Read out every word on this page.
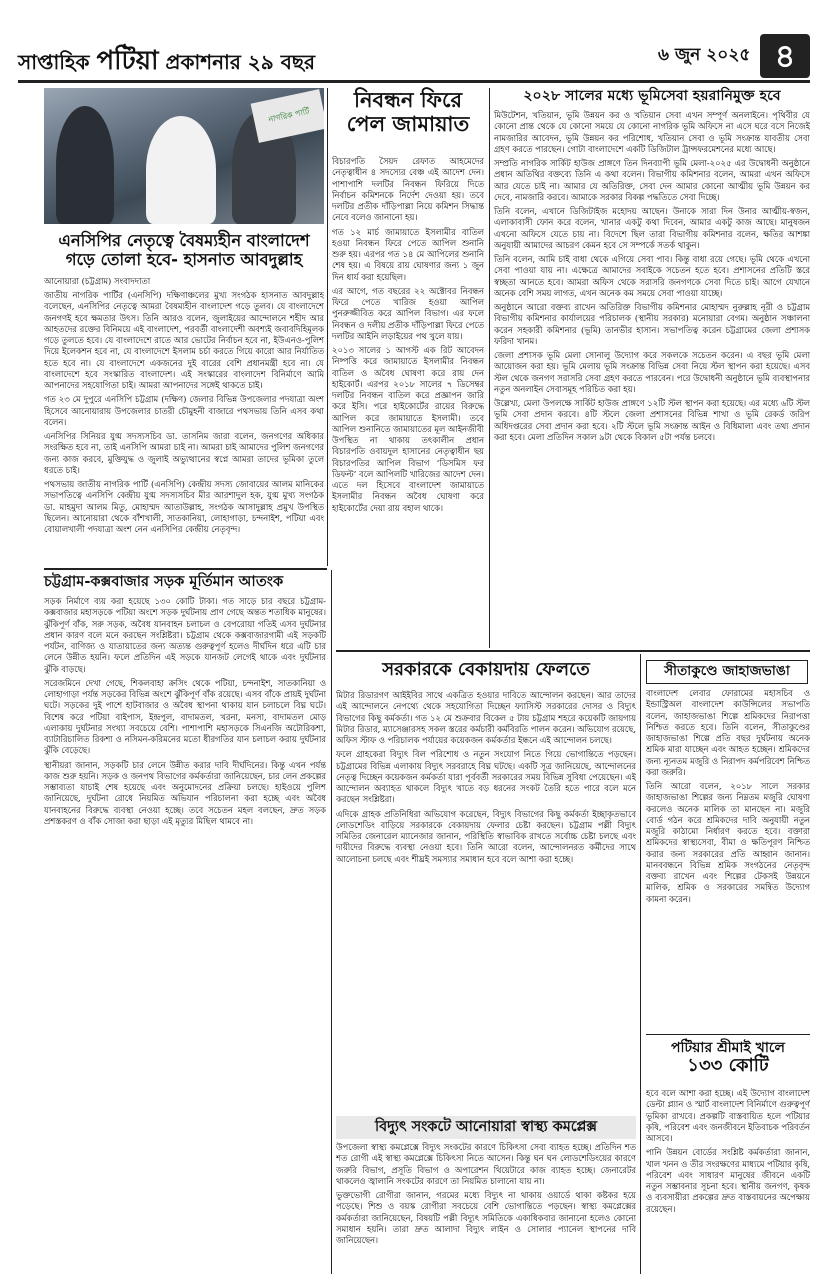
সাপ্তাহিক পটিয়া প্রকাশনার ২৯ বছর	৬ জুন ২০২৫ ৪
নাগরিক পার্টি
এনসিপির নেতৃত্বে বৈষম্যহীন বাংলাদেশ
গড়ে তোলা হবে- হাসনাত আবদুল্লাহ
আনোয়ারা (চট্টগ্রাম) সংবাদদাতা

জাতীয় নাগরিক পার্টির (এনসিপি) দক্ষিণাঞ্চলের মুখ্য সংগঠক হাসনাত আবদুল্লাহ বলেছেন, এনসিপির নেতৃত্বে আমরা বৈষম্যহীন বাংলাদেশ গড়ে তুলব। যে বাংলাদেশে জনগণই হবে ক্ষমতার উৎস। তিনি আরও বলেন, জুলাইয়ের আন্দোলনে শহীদ আর আহতদের রক্তের বিনিময়ে এই বাংলাদেশ, পরবর্তী বাংলাদেশী অবশ্যই জবাবদিহিমূলক গড়ে তুলতে হবে। যে বাংলাদেশে রাতে আর ভোটের নির্বাচন হবে না, ইউএনও-পুলিশ দিয়ে ইলেকশন হবে না, যে বাংলাদেশে ইসলাম চর্চা করতে গিয়ে কারো আর নির্যাতিত হতে হবে না। যে বাংলাদেশে একজনের দুই বারের বেশি প্রধানমন্ত্রী হবে না। যে বাংলাদেশে হবে সংস্কারিত বাংলাদেশ। এই সংস্কারের বাংলাদেশ বিনির্মাণে আমি আপনাদের সহযোগিতা চাই। আমরা আপনাদের সঙ্গেই থাকতে চাই।

গত ২৩ মে দুপুরে এনসিপি চট্টগ্রাম (দক্ষিণ) জেলার বিভিন্ন উপজেলার পদযাত্রা অংশ হিসেবে আনোয়ারায় উপজেলার চাতরী চৌমুহনী বাজারে পথসভায় তিনি এসব কথা বলেন।

এনসিপির সিনিয়র যুগ্ম সদস্যসচিব ডা. তাসনিম জারা বলেন, জনগণের অধিকার সংরক্ষিত হবে না, তাই এনসিপি আমরা চাই না। আমরা চাই আমাদের পুলিশ জনগণের জন্য কাজ করবে, মুক্তিযুদ্ধ ও জুলাই অভ্যুত্থানের স্বপ্নে আমরা তাদের ভূমিকা তুলে ধরতে চাই।

পথসভায় জাতীয় নাগরিক পার্টি (এনসিপি) কেন্দ্রীয় সদস্য জোবায়ের আলম মানিকের সভাপতিত্বে এনসিপি কেন্দ্রীয় যুগ্ম সদস্যসচিব মীর আরশাদুল হক, যুগ্ম মুখ্য সংগঠক ডা. মাহমুদা আলম মিতু, মোহাম্মদ আতাউল্লাহ, সংগঠক আসাদুল্লাহ প্রমুখ উপস্থিত ছিলেন। আনোয়ারা থেকে বাঁশখালী, সাতকানিয়া, লোহাগাড়া, চন্দনাইশ, পটিয়া এবং বোয়ালখালী পদযাত্রা অংশ নেন এনসিপির কেন্দ্রীয় নেতৃবৃন্দ।

নিবন্ধন ফিরে
পেল জামায়াত

বিচারপতি সৈয়দ রেফাত আহমেদের নেতৃত্বাধীন ৪ সদস্যের বেঞ্চ এই আদেশ দেন। পাশাপাশি দলটির নিবন্ধন ফিরিয়ে দিতে নির্বাচন কমিশনকে নির্দেশ দেওয়া হয়। তবে দলটির প্রতীক দাঁড়িপাল্লা নিয়ে কমিশন সিদ্ধান্ত নেবে বলেও জানানো হয়।

গত ১২ মার্চ জামায়াতে ইসলামীর বাতিল হওয়া নিবন্ধন ফিরে পেতে আপিল শুনানি শুরু হয়। এরপর গত ১৪ মে আপিলের শুনানি শেষ হয়। এ বিষয়ে রায় ঘোষণার জন্য ১ জুন দিন ধার্য করা হয়েছিল।

এর আগে, গত বছরের ২২ অক্টোবর নিবন্ধন ফিরে পেতে খারিজ হওয়া আপিল পুনরুজ্জীবিত করে আপিল বিভাগ। এর ফলে নিবন্ধন ও দলীয় প্রতীক দাঁড়িপাল্লা ফিরে পেতে দলটির আইনি লড়াইয়ের পথ খুলে যায়।

২০১৩ সালের ১ আগস্ট এক রিট আবেদন নিষ্পত্তি করে জামায়াতে ইসলামীর নিবন্ধন বাতিল ও অবৈধ ঘোষণা করে রায় দেন হাইকোর্ট। এরপর ২০১৮ সালের ৭ ডিসেম্বর দলটির নিবন্ধন বাতিল করে প্রজ্ঞাপন জারি করে ইসি। পরে হাইকোর্টের রায়ের বিরুদ্ধে আপিল করে জামায়াতে ইসলামী। তবে আপিল শুনানিতে জামায়াতের মূল আইনজীবী উপস্থিত না থাকায় তৎকালীন প্রধান বিচারপতি ওবায়দুল হাসানের নেতৃত্বাধীন ছয় বিচারপতির আপিল বিভাগ ‘ডিসমিস ফর ডিফল্ট’ বলে আপিলটি খারিজের আদেশ দেন। এতে দল হিসেবে বাংলাদেশ জামায়াতে ইসলামীর নিবন্ধন অবৈধ ঘোষণা করে হাইকোর্টের দেয়া রায় বহাল থাকে।

২০২৮ সালের মধ্যে ভূমিসেবা হয়রানিমুক্ত হবে

মিউটেশন, খতিয়ান, ভূমি উন্নয়ন কর ও খতিয়ান সেবা এখন সম্পূর্ণ অনলাইনে। পৃথিবীর যে কোনো প্রান্ত থেকে যে কোনো সময়ে যে কোনো নাগরিক ভূমি অফিসে না এসে ঘরে বসে নিজেই নামজারির আবেদন, ভূমি উন্নয়ন কর পরিশোধ, খতিয়ান সেবা ও ভূমি সংক্রান্ত যাবতীয় সেবা গ্রহণ করতে পারছেন। গোটা বাংলাদেশে একটি ডিজিটাল ট্রান্সফরমেশনের মধ্যে আছে।

সম্প্রতি নাগরিক সার্কিট হাউজ প্রাঙ্গণে তিন দিনব্যাপী ভূমি মেলা-২০২৫ এর উদ্বোধনী অনুষ্ঠানে প্রধান অতিথির বক্তব্যে তিনি এ কথা বলেন। বিভাগীয় কমিশনার বলেন, আমরা এখন অফিসে আর যেতে চাই না। আমার যে অতিরিক্ত, সেবা দেন আমার কোনো আত্মীয় ভূমি উন্নয়ন কর দেবে, নামজারি করবে। আমাকে সরকার বিকল্প পদ্ধতিতে সেবা দিচ্ছে।

তিনি বলেন, এখানে ডিজিটাইজ মহোদয় আছেন। উনাকে সারা দিন উনার আত্মীয়-স্বজন, এলাকাবাসী ফোন করে বলেন, খানার একটু কথা দিবেন, আমার একটু কাজ আছে। মানুষজন এখনো অফিসে যেতে চায় না। বিদেশে ছিল তারা বিভাগীয় কমিশনার বলেন, ক্ষতির আশঙ্কা অনুযায়ী আমাদের আচরণ কেমন হবে সে সম্পর্কে সতর্ক থাকুন।

তিনি বলেন, আমি চাই বাধা থেকে এগিয়ে সেবা পাব। কিন্তু বাধা রয়ে গেছে। ভূমি থেকে এখনো সেবা পাওয়া যায় না। এক্ষেত্রে আমাদের সবাইকে সচেতন হতে হবে। প্রশাসনের প্রতিটি স্তরে স্বচ্ছতা আনতে হবে। আমরা অফিস থেকে সরাসরি জনগণকে সেবা দিতে চাই। আগে যেখানে অনেক বেশি সময় লাগত, এখন অনেক কম সময়ে সেবা পাওয়া যাচ্ছে।

অনুষ্ঠানে আরো বক্তব্য রাখেন অতিরিক্ত বিভাগীয় কমিশনার মোহাম্মদ নুরুল্লাহ নূরী ও চট্টগ্রাম বিভাগীয় কমিশনার কার্যালয়ের পরিচালক (স্থানীয় সরকার) মনোয়ারা বেগম। অনুষ্ঠান সঞ্চালনা করেন সহকারী কমিশনার (ভূমি) তানভীর হাসান। সভাপতিত্ব করেন চট্টগ্রামের জেলা প্রশাসক ফরিদা খানম।

জেলা প্রশাসক ভূমি মেলা সোনালু উদ্যোগ করে সকলকে সচেতন করেন। এ বছর ভূমি মেলা আয়োজন করা হয়। ভূমি মেলায় ভূমি সংক্রান্ত বিভিন্ন সেবা নিয়ে স্টল স্থাপন করা হয়েছে। এসব স্টল থেকে জনগণ সরাসরি সেবা গ্রহণ করতে পারবেন। পরে উদ্বোধনী অনুষ্ঠানে ভূমি ব্যবস্থাপনার নতুন অনলাইন সেবাসমূহ পরিচিত করা হয়।

উল্লেখ্য, মেলা উপলক্ষে সার্কিট হাউজ প্রাঙ্গণে ১২টি স্টল স্থাপন করা হয়েছে। এর মধ্যে ৬টি স্টল ভূমি সেবা প্রদান করবে। ৪টি স্টলে জেলা প্রশাসনের বিভিন্ন শাখা ও ভূমি রেকর্ড জরিপ অধিদপ্তরের সেবা প্রদান করা হবে। ২টি স্টলে ভূমি সংক্রান্ত আইন ও বিধিমালা এবং তথ্য প্রদান করা হবে। মেলা প্রতিদিন সকাল ৯টা থেকে বিকাল ৫টা পর্যন্ত চলবে।

চট্টগ্রাম-কক্সবাজার সড়ক মূর্তিমান আতংক

সড়ক নির্মাণে ব্যয় করা হয়েছে ১৩০ কোটি টাকা। গত সাড়ে চার বছরে চট্টগ্রাম-কক্সবাজার মহাসড়কে পটিয়া অংশে সড়ক দুর্ঘটনায় প্রাণ গেছে অন্তত শতাধিক মানুষের। ঝুঁকিপূর্ণ বাঁক, সরু সড়ক, অবৈধ যানবাহন চলাচল ও বেপরোয়া গতিই এসব দুর্ঘটনার প্রধান কারণ বলে মনে করছেন সংশ্লিষ্টরা। চট্টগ্রাম থেকে কক্সবাজারগামী এই সড়কটি পর্যটন, বাণিজ্য ও যাতায়াতের জন্য অত্যন্ত গুরুত্বপূর্ণ হলেও দীর্ঘদিন ধরে এটি চার লেনে উন্নীত হয়নি। ফলে প্রতিদিন এই সড়কে যানজট লেগেই থাকে এবং দুর্ঘটনার ঝুঁকি বাড়ছে।

সরেজমিনে দেখা গেছে, শিকলবাহা ক্রসিং থেকে পটিয়া, চন্দনাইশ, সাতকানিয়া ও লোহাগাড়া পর্যন্ত সড়কের বিভিন্ন অংশে ঝুঁকিপূর্ণ বাঁক রয়েছে। এসব বাঁকে প্রায়ই দুর্ঘটনা ঘটে। সড়কের দুই পাশে হাটবাজার ও অবৈধ স্থাপনা থাকায় যান চলাচলে বিঘ্ন ঘটে। বিশেষ করে পটিয়া বাইপাস, ইন্দ্রপুল, বাদামতল, খরনা, মনসা, বাদামতল মোড় এলাকায় দুর্ঘটনার সংখ্যা সবচেয়ে বেশি। পাশাপাশি মহাসড়কে সিএনজি অটোরিকশা, ব্যাটারিচালিত রিকশা ও নসিমন-করিমনের মতো ধীরগতির যান চলাচল করায় দুর্ঘটনার ঝুঁকি বেড়েছে।

স্থানীয়রা জানান, সড়কটি চার লেনে উন্নীত করার দাবি দীর্ঘদিনের। কিন্তু এখন পর্যন্ত কাজ শুরু হয়নি। সড়ক ও জনপথ বিভাগের কর্মকর্তারা জানিয়েছেন, চার লেন প্রকল্পের সম্ভাব্যতা যাচাই শেষ হয়েছে এবং অনুমোদনের প্রক্রিয়া চলছে। হাইওয়ে পুলিশ জানিয়েছে, দুর্ঘটনা রোধে নিয়মিত অভিযান পরিচালনা করা হচ্ছে এবং অবৈধ যানবাহনের বিরুদ্ধে ব্যবস্থা নেওয়া হচ্ছে। তবে সচেতন মহল বলছেন, দ্রুত সড়ক প্রশস্তকরণ ও বাঁক সোজা করা ছাড়া এই মৃত্যুর মিছিল থামবে না।

সরকারকে বেকায়দায় ফেলতে

মিটার রিডারগণ আইইবির সাথে একত্রিত হওয়ার দাবিতে আন্দোলন করছেন। আর তাদের এই আন্দোলনে নেপথ্যে থেকে সহযোগিতা দিচ্ছেন ফ্যাসিস্ট সরকারের দোসর ও বিদ্যুৎ বিভাগের কিছু কর্মকর্তা। গত ১২ মে শুক্রবার বিকেল ৫ টায় চট্টগ্রাম শহরে কয়েকটি জায়গায় মিটার রিডার, ম্যাসেঞ্জারসহ সকল স্তরের কর্মচারী কর্মবিরতি পালন করেন। অভিযোগ রয়েছে, অফিস স্টাফ ও পরিচালক পর্যায়ের কয়েকজন কর্মকর্তার ইন্ধনে এই আন্দোলন চলছে।

ফলে গ্রাহকেরা বিদ্যুৎ বিল পরিশোধ ও নতুন সংযোগ নিতে গিয়ে ভোগান্তিতে পড়ছেন। চট্টগ্রামের বিভিন্ন এলাকায় বিদ্যুৎ সরবরাহে বিঘ্ন ঘটছে। একটি সূত্র জানিয়েছে, আন্দোলনের নেতৃত্ব দিচ্ছেন কয়েকজন কর্মকর্তা যারা পূর্ববর্তী সরকারের সময় বিভিন্ন সুবিধা পেয়েছেন। এই আন্দোলন অব্যাহত থাকলে বিদ্যুৎ খাতে বড় ধরনের সংকট তৈরি হতে পারে বলে মনে করছেন সংশ্লিষ্টরা।

এদিকে গ্রাহক প্রতিনিধিরা অভিযোগ করেছেন, বিদ্যুৎ বিভাগের কিছু কর্মকর্তা ইচ্ছাকৃতভাবে লোডশেডিং বাড়িয়ে সরকারকে বেকায়দায় ফেলার চেষ্টা করছেন। চট্টগ্রাম পল্লী বিদ্যুৎ সমিতির জেনারেল ম্যানেজার জানান, পরিস্থিতি স্বাভাবিক রাখতে সর্বোচ্চ চেষ্টা চলছে এবং দায়ীদের বিরুদ্ধে ব্যবস্থা নেওয়া হবে। তিনি আরো বলেন, আন্দোলনরত কর্মীদের সাথে আলোচনা চলছে এবং শীঘ্রই সমস্যার সমাধান হবে বলে আশা করা হচ্ছে।

বিদ্যুৎ সংকটে আনোয়ারা স্বাস্থ্য কমপ্লেক্স

উপজেলা স্বাস্থ্য কমপ্লেক্সে বিদ্যুৎ সংকটের কারণে চিকিৎসা সেবা ব্যাহত হচ্ছে। প্রতিদিন শত শত রোগী এই স্বাস্থ্য কমপ্লেক্সে চিকিৎসা নিতে আসেন। কিন্তু ঘন ঘন লোডশেডিংয়ের কারণে জরুরি বিভাগ, প্রসূতি বিভাগ ও অপারেশন থিয়েটারে কাজ ব্যাহত হচ্ছে। জেনারেটর থাকলেও জ্বালানি সংকটের কারণে তা নিয়মিত চালানো যায় না।

ভুক্তভোগী রোগীরা জানান, গরমের মধ্যে বিদ্যুৎ না থাকায় ওয়ার্ডে থাকা কষ্টকর হয়ে পড়েছে। শিশু ও বয়স্ক রোগীরা সবচেয়ে বেশি ভোগান্তিতে পড়ছেন। স্বাস্থ্য কমপ্লেক্সের কর্মকর্তারা জানিয়েছেন, বিষয়টি পল্লী বিদ্যুৎ সমিতিকে একাধিকবার জানানো হলেও কোনো সমাধান হয়নি। তারা দ্রুত আলাদা বিদ্যুৎ লাইন ও সোলার প্যানেল স্থাপনের দাবি জানিয়েছেন।

সীতাকুণ্ডে জাহাজভাঙা

বাংলাদেশ লেবার ফোরামের মহাসচিব ও ইন্ডাস্ট্রিঅল বাংলাদেশ কাউন্সিলের সভাপতি বলেন, জাহাজভাঙা শিল্পে শ্রমিকদের নিরাপত্তা নিশ্চিত করতে হবে। তিনি বলেন, সীতাকুণ্ডের জাহাজভাঙা শিল্পে প্রতি বছর দুর্ঘটনায় অনেক শ্রমিক মারা যাচ্ছেন এবং আহত হচ্ছেন। শ্রমিকদের জন্য ন্যূনতম মজুরি ও নিরাপদ কর্মপরিবেশ নিশ্চিত করা জরুরি।

তিনি আরো বলেন, ২০১৮ সালে সরকার জাহাজভাঙা শিল্পের জন্য নিম্নতম মজুরি ঘোষণা করলেও অনেক মালিক তা মানছেন না। মজুরি বোর্ড গঠন করে শ্রমিকদের দাবি অনুযায়ী নতুন মজুরি কাঠামো নির্ধারণ করতে হবে। বক্তারা শ্রমিকদের স্বাস্থ্যসেবা, বীমা ও ক্ষতিপূরণ নিশ্চিত করার জন্য সরকারের প্রতি আহ্বান জানান। মানববন্ধনে বিভিন্ন শ্রমিক সংগঠনের নেতৃবৃন্দ বক্তব্য রাখেন এবং শিল্পের টেকসই উন্নয়নে মালিক, শ্রমিক ও সরকারের সমন্বিত উদ্যোগ কামনা করেন।

পটিয়ার শ্রীমাই খালে
১৩৩ কোটি

হবে বলে আশা করা হচ্ছে। এই উদ্যোগ বাংলাদেশ ডেল্টা প্ল্যান ও স্মার্ট বাংলাদেশ বিনির্মাণে গুরুত্বপূর্ণ ভূমিকা রাখবে। প্রকল্পটি বাস্তবায়িত হলে পটিয়ার কৃষি, পরিবেশ এবং জনজীবনে ইতিবাচক পরিবর্তন আসবে।

পানি উন্নয়ন বোর্ডের সংশ্লিষ্ট কর্মকর্তারা জানান, খাল খনন ও তীর সংরক্ষণের মাধ্যমে পটিয়ার কৃষি, পরিবেশ এবং সাধারণ মানুষের জীবনে একটি নতুন সম্ভাবনার সূচনা হবে। স্থানীয় জনগণ, কৃষক ও ব্যবসায়ীরা প্রকল্পের দ্রুত বাস্তবায়নের অপেক্ষায় রয়েছেন।
